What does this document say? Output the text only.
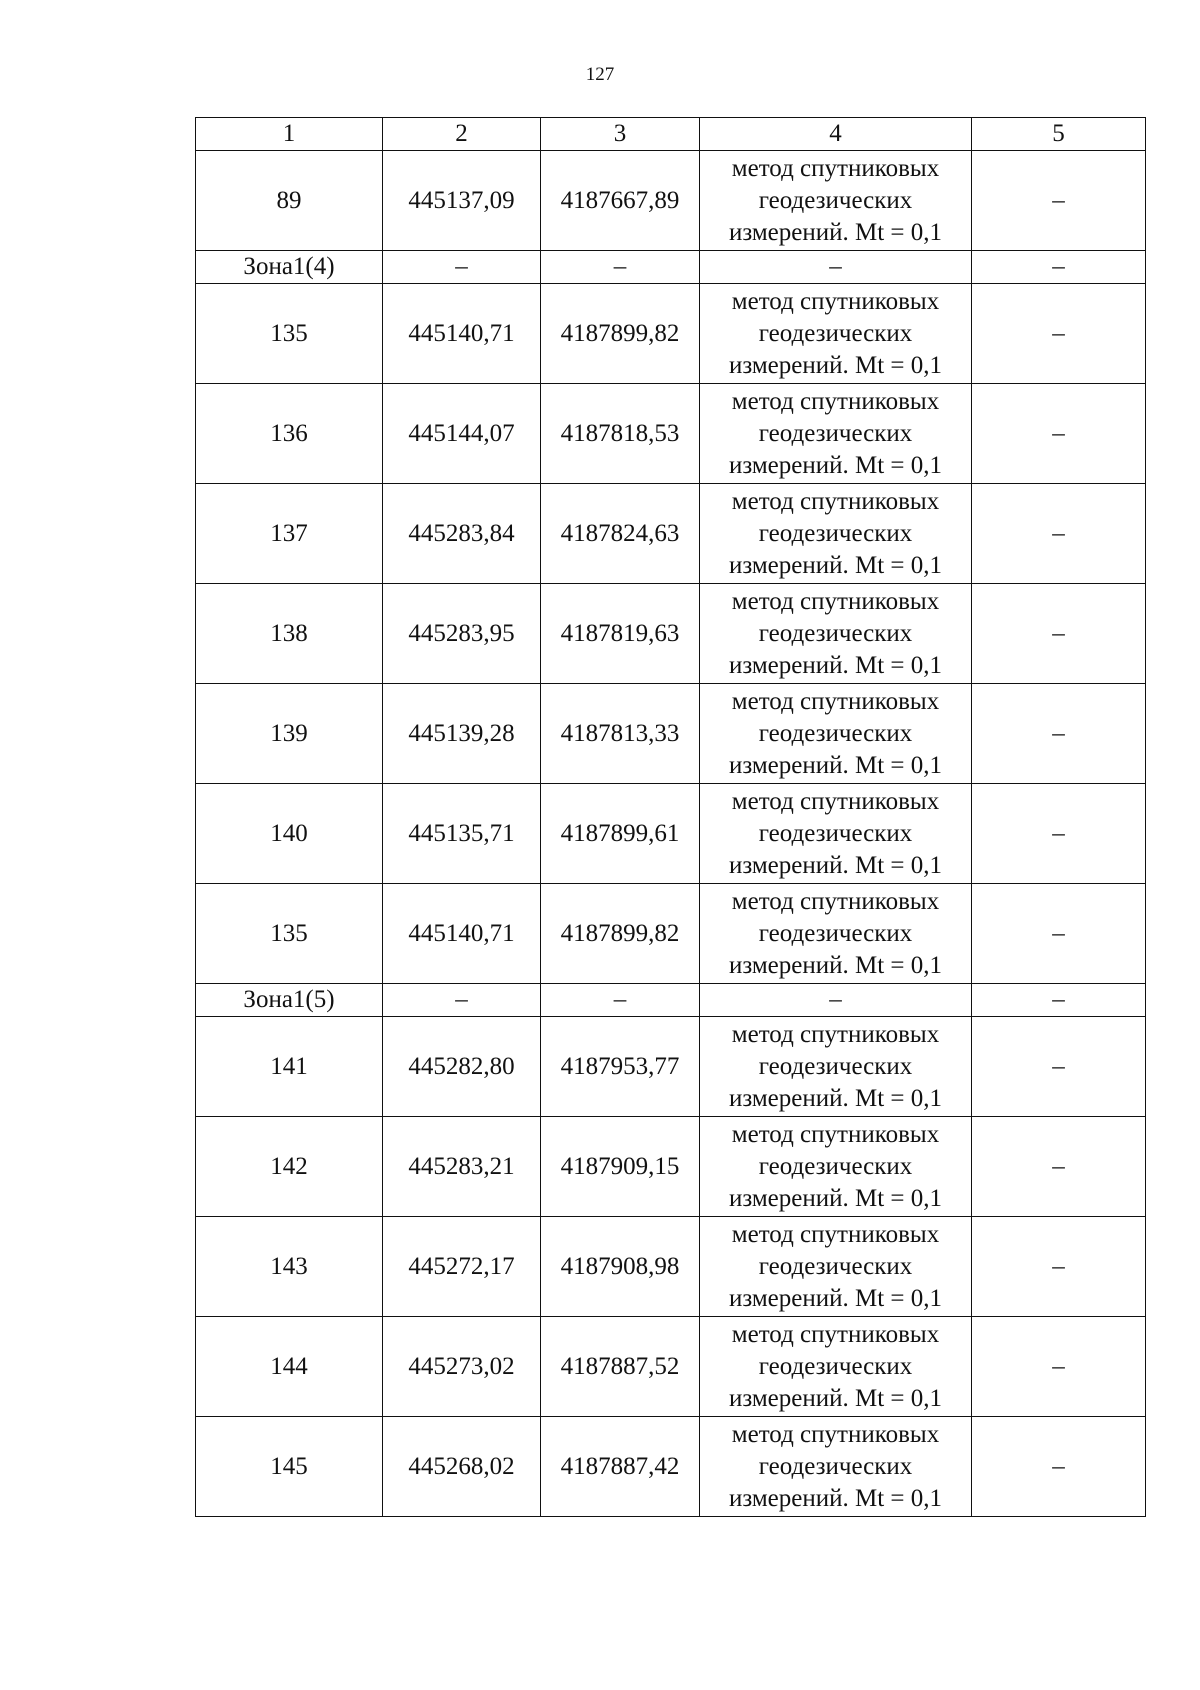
127
1	2	3	4	5
89	445137,09	4187667,89	метод спутниковых
геодезических
измерений. Mt = 0,1	–
Зона1(4)	–	–	–	–
135	445140,71	4187899,82	метод спутниковых
геодезических
измерений. Mt = 0,1	–
136	445144,07	4187818,53	метод спутниковых
геодезических
измерений. Mt = 0,1	–
137	445283,84	4187824,63	метод спутниковых
геодезических
измерений. Mt = 0,1	–
138	445283,95	4187819,63	метод спутниковых
геодезических
измерений. Mt = 0,1	–
139	445139,28	4187813,33	метод спутниковых
геодезических
измерений. Mt = 0,1	–
140	445135,71	4187899,61	метод спутниковых
геодезических
измерений. Mt = 0,1	–
135	445140,71	4187899,82	метод спутниковых
геодезических
измерений. Mt = 0,1	–
Зона1(5)	–	–	–	–
141	445282,80	4187953,77	метод спутниковых
геодезических
измерений. Mt = 0,1	–
142	445283,21	4187909,15	метод спутниковых
геодезических
измерений. Mt = 0,1	–
143	445272,17	4187908,98	метод спутниковых
геодезических
измерений. Mt = 0,1	–
144	445273,02	4187887,52	метод спутниковых
геодезических
измерений. Mt = 0,1	–
145	445268,02	4187887,42	метод спутниковых
геодезических
измерений. Mt = 0,1	–
